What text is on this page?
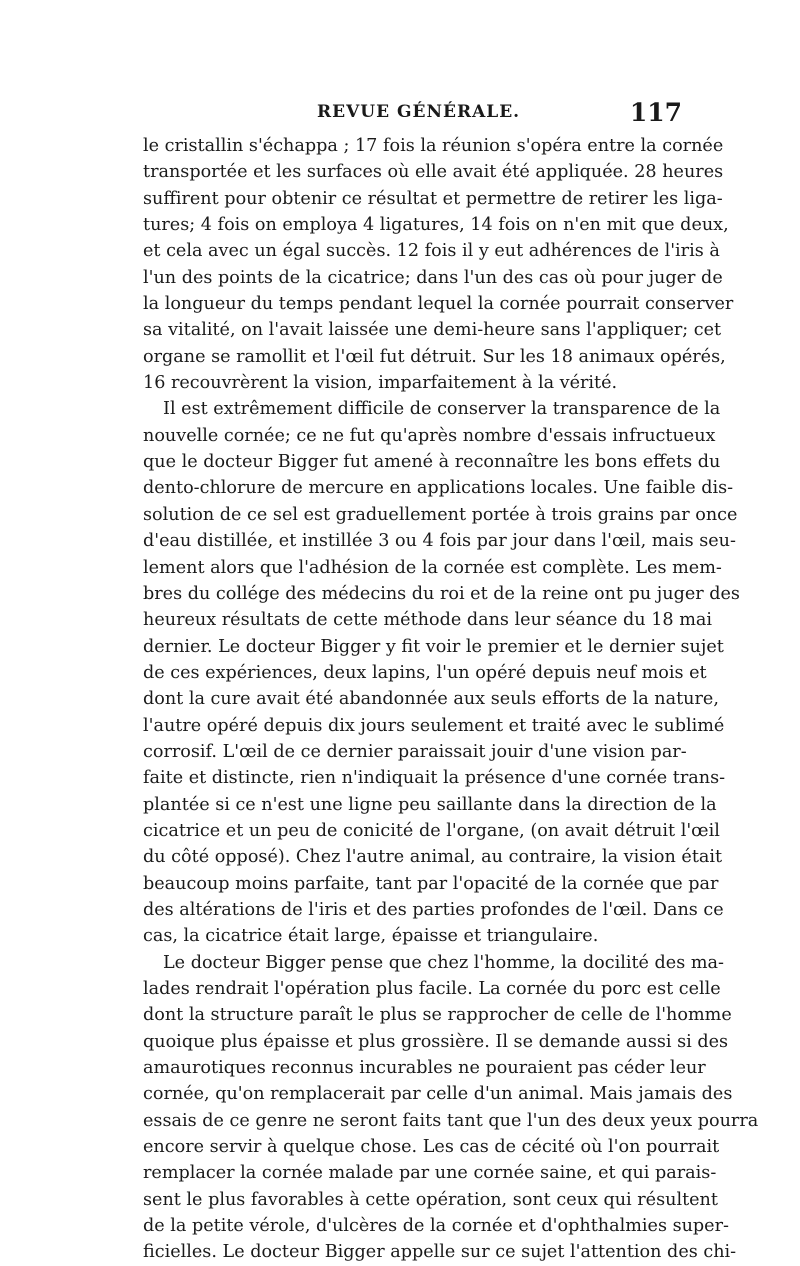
REVUE GÉNÉRALE.	117
le cristallin s'échappa ; 17 fois la réunion s'opéra entre la cornée
transportée et les surfaces où elle avait été appliquée. 28 heures
suffirent pour obtenir ce résultat et permettre de retirer les liga-
tures; 4 fois on employa 4 ligatures, 14 fois on n'en mit que deux,
et cela avec un égal succès. 12 fois il y eut adhérences de l'iris à
l'un des points de la cicatrice; dans l'un des cas où pour juger de
la longueur du temps pendant lequel la cornée pourrait conserver
sa vitalité, on l'avait laissée une demi-heure sans l'appliquer; cet
organe se ramollit et l'œil fut détruit. Sur les 18 animaux opérés,
16 recouvrèrent la vision, imparfaitement à la vérité.
Il est extrêmement difficile de conserver la transparence de la
nouvelle cornée; ce ne fut qu'après nombre d'essais infructueux
que le docteur Bigger fut amené à reconnaître les bons effets du
dento-chlorure de mercure en applications locales. Une faible dis-
solution de ce sel est graduellement portée à trois grains par once
d'eau distillée, et instillée 3 ou 4 fois par jour dans l'œil, mais seu-
lement alors que l'adhésion de la cornée est complète. Les mem-
bres du collége des médecins du roi et de la reine ont pu juger des
heureux résultats de cette méthode dans leur séance du 18 mai
dernier. Le docteur Bigger y fit voir le premier et le dernier sujet
de ces expériences, deux lapins, l'un opéré depuis neuf mois et
dont la cure avait été abandonnée aux seuls efforts de la nature,
l'autre opéré depuis dix jours seulement et traité avec le sublimé
corrosif. L'œil de ce dernier paraissait jouir d'une vision par-
faite et distincte, rien n'indiquait la présence d'une cornée trans-
plantée si ce n'est une ligne peu saillante dans la direction de la
cicatrice et un peu de conicité de l'organe, (on avait détruit l'œil
du côté opposé). Chez l'autre animal, au contraire, la vision était
beaucoup moins parfaite, tant par l'opacité de la cornée que par
des altérations de l'iris et des parties profondes de l'œil. Dans ce
cas, la cicatrice était large, épaisse et triangulaire.
Le docteur Bigger pense que chez l'homme, la docilité des ma-
lades rendrait l'opération plus facile. La cornée du porc est celle
dont la structure paraît le plus se rapprocher de celle de l'homme
quoique plus épaisse et plus grossière. Il se demande aussi si des
amaurotiques reconnus incurables ne pouraient pas céder leur
cornée, qu'on remplacerait par celle d'un animal. Mais jamais des
essais de ce genre ne seront faits tant que l'un des deux yeux pourra
encore servir à quelque chose. Les cas de cécité où l'on pourrait
remplacer la cornée malade par une cornée saine, et qui parais-
sent le plus favorables à cette opération, sont ceux qui résultent
de la petite vérole, d'ulcères de la cornée et d'ophthalmies super-
ficielles. Le docteur Bigger appelle sur ce sujet l'attention des chi-
